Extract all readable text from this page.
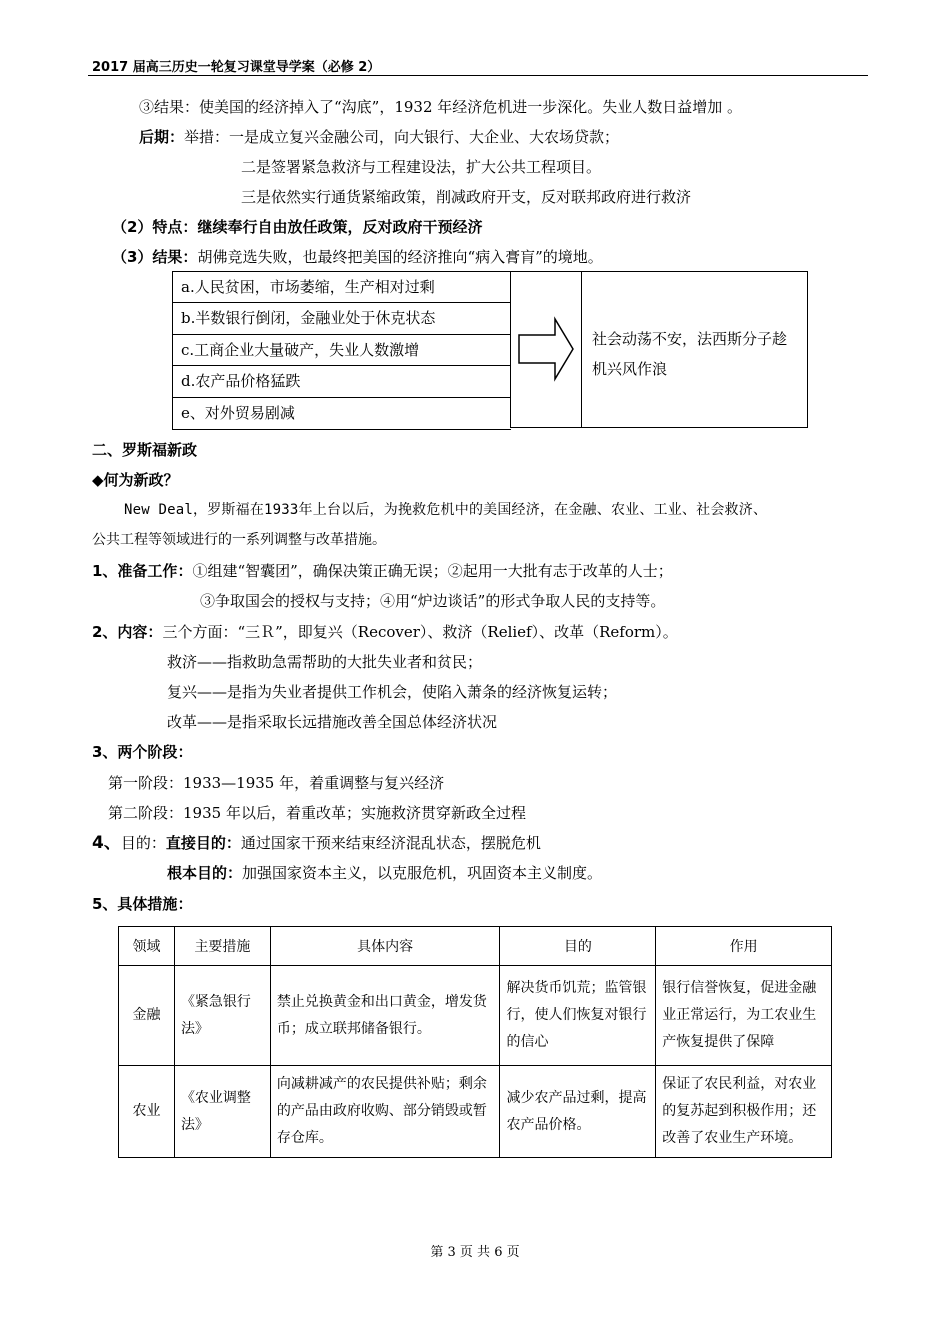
2017 届高三历史一轮复习课堂导学案（必修 2）
③结果：使美国的经济掉入了“沟底”，1932 年经济危机进一步深化。失业人数日益增加 。
后期：举措：一是成立复兴金融公司，向大银行、大企业、大农场贷款；
二是签署紧急救济与工程建设法，扩大公共工程项目。
三是依然实行通货紧缩政策，削减政府开支，反对联邦政府进行救济
（2）特点：继续奉行自由放任政策，反对政府干预经济
（3）结果：胡佛竞选失败，也最终把美国的经济推向“病入膏肓”的境地。
a.人民贫困，市场萎缩，生产相对过剩
b.半数银行倒闭，金融业处于休克状态
c.工商企业大量破产，失业人数激增
d.农产品价格猛跌
e、对外贸易剧减
社会动荡不安，法西斯分子趁机兴风作浪
二、罗斯福新政
◆何为新政？
New Deal，罗斯福在1933年上台以后，为挽救危机中的美国经济，在金融、农业、工业、社会救济、
公共工程等领域进行的一系列调整与改革措施。
1、准备工作：①组建“智囊团”，确保决策正确无误；②起用一大批有志于改革的人士；
③争取国会的授权与支持；④用“炉边谈话”的形式争取人民的支持等。
2、内容：三个方面：“三Ｒ”，即复兴（Recover）、救济（Relief）、改革（Reform）。
救济——指救助急需帮助的大批失业者和贫民；
复兴——是指为失业者提供工作机会，使陷入萧条的经济恢复运转；
改革——是指采取长远措施改善全国总体经济状况
3、两个阶段：
第一阶段：1933—1935 年，着重调整与复兴经济
第二阶段：1935 年以后，着重改革；实施救济贯穿新政全过程
4、目的：直接目的：通过国家干预来结束经济混乱状态，摆脱危机
根本目的：加强国家资本主义，以克服危机，巩固资本主义制度。
5、具体措施：
领域	主要措施	具体内容	目的	作用
金融	《紧急银行法》	禁止兑换黄金和出口黄金，增发货币；成立联邦储备银行。	解决货币饥荒；监管银行，使人们恢复对银行的信心	银行信誉恢复，促进金融业正常运行，为工农业生产恢复提供了保障
农业	《农业调整法》	向减耕减产的农民提供补贴；剩余的产品由政府收购、部分销毁或暂存仓库。	减少农产品过剩，提高农产品价格。	保证了农民利益，对农业的复苏起到积极作用；还改善了农业生产环境。
第 3 页 共 6 页
